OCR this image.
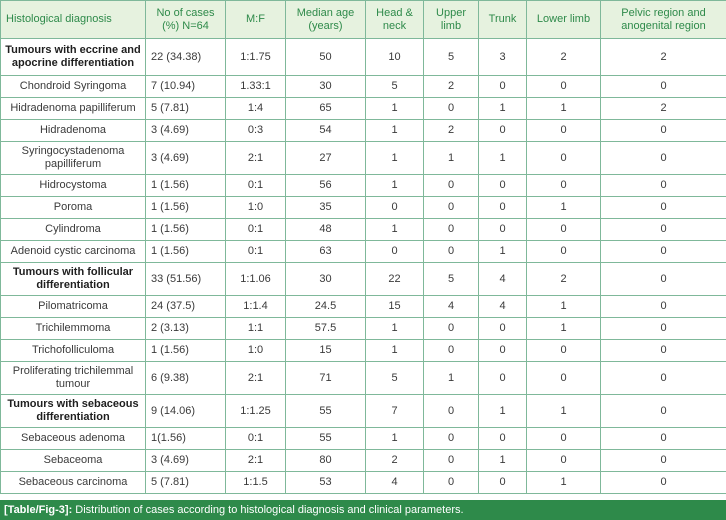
Histological diagnosis	No of cases (%) N=64	M:F	Median age (years)	Head & neck	Upper limb	Trunk	Lower limb	Pelvic region and anogenital region
Tumours with eccrine and apocrine differentiation	22 (34.38)	1:1.75	50	10	5	3	2	2
Chondroid Syringoma	7 (10.94)	1.33:1	30	5	2	0	0	0
Hidradenoma papilliferum	5 (7.81)	1:4	65	1	0	1	1	2
Hidradenoma	3 (4.69)	0:3	54	1	2	0	0	0
Syringocystadenoma papilliferum	3 (4.69)	2:1	27	1	1	1	0	0
Hidrocystoma	1 (1.56)	0:1	56	1	0	0	0	0
Poroma	1 (1.56)	1:0	35	0	0	0	1	0
Cylindroma	1 (1.56)	0:1	48	1	0	0	0	0
Adenoid cystic carcinoma	1 (1.56)	0:1	63	0	0	1	0	0
Tumours with follicular differentiation	33 (51.56)	1:1.06	30	22	5	4	2	0
Pilomatricoma	24 (37.5)	1:1.4	24.5	15	4	4	1	0
Trichilemmoma	2 (3.13)	1:1	57.5	1	0	0	1	0
Trichofolliculoma	1 (1.56)	1:0	15	1	0	0	0	0
Proliferating trichilemmal tumour	6 (9.38)	2:1	71	5	1	0	0	0
Tumours with sebaceous differentiation	9 (14.06)	1:1.25	55	7	0	1	1	0
Sebaceous adenoma	1(1.56)	0:1	55	1	0	0	0	0
Sebaceoma	3 (4.69)	2:1	80	2	0	1	0	0
Sebaceous carcinoma	5 (7.81)	1:1.5	53	4	0	0	1	0
[Table/Fig-3]: Distribution of cases according to histological diagnosis and clinical parameters.
